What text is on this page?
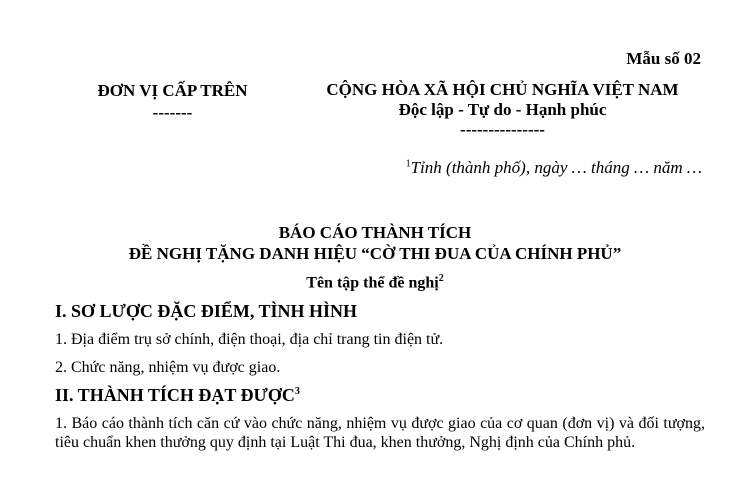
Mẫu số 02
ĐƠN VỊ CẤP TRÊN
-------
CỘNG HÒA XÃ HỘI CHỦ NGHĨA VIỆT NAM
Độc lập - Tự do - Hạnh phúc
---------------
$^1$Tỉnh (thành phố), ngày … tháng … năm …
BÁO CÁO THÀNH TÍCH
ĐỀ NGHỊ TẶNG DANH HIỆU “CỜ THI ĐUA CỦA CHÍNH PHỦ”
Tên tập thể đề nghị$^2$
I. SƠ LƯỢC ĐẶC ĐIỂM, TÌNH HÌNH
1. Địa điểm trụ sở chính, điện thoại, địa chỉ trang tin điện tử.
2. Chức năng, nhiệm vụ được giao.
II. THÀNH TÍCH ĐẠT ĐƯỢC$^3$
1. Báo cáo thành tích căn cứ vào chức năng, nhiệm vụ được giao của cơ quan (đơn vị) và đối tượng, tiêu chuẩn khen thưởng quy định tại Luật Thi đua, khen thưởng, Nghị định của Chính phủ.
